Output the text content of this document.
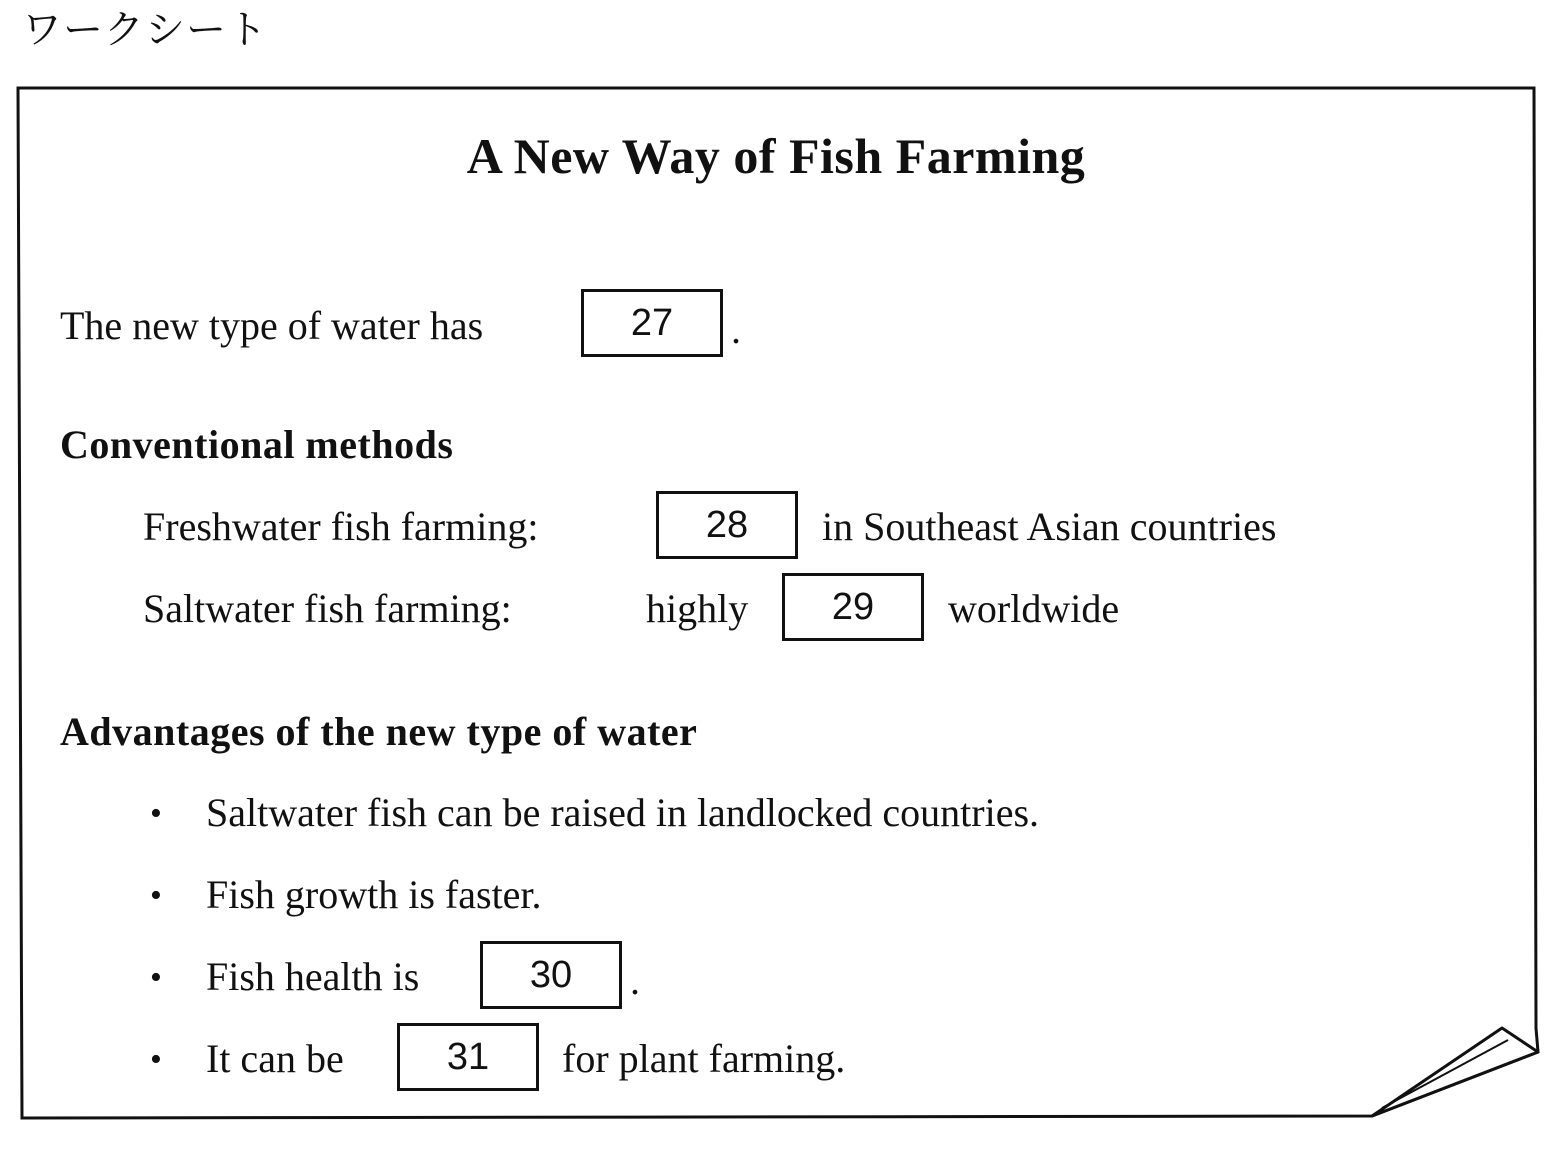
ワークシート
A New Way of Fish Farming
The new type of water has	27	.
Conventional methods
Freshwater fish farming:	28	in Southeast Asian countries
Saltwater fish farming:	highly	29	worldwide
Advantages of the new type of water
• Saltwater fish can be raised in landlocked countries.
• Fish growth is faster.
• Fish health is	30	.
• It can be	31	for plant farming.
